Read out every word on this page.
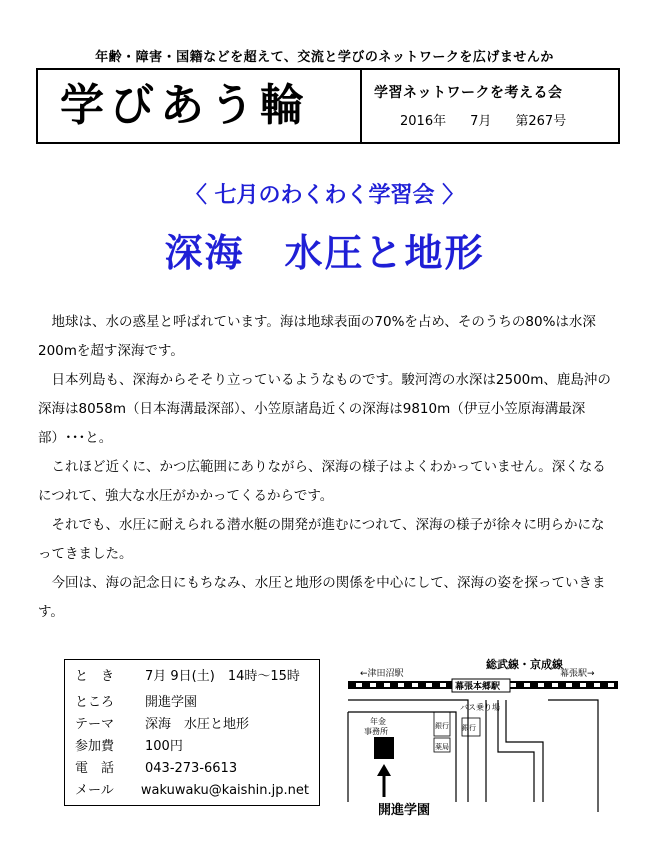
年齢・障害・国籍などを超えて、交流と学びのネットワークを広げませんか
学びあう輪	学習ネットワークを考える会
2016年 7月 第267号
〈 七月のわくわく学習会 〉
深海　水圧と地形

地球は、水の惑星と呼ばれています。海は地球表面の70%を占め、そのうちの80%は水深200mを超す深海です。

日本列島も、深海からそそり立っているようなものです。駿河湾の水深は2500m、鹿島沖の深海は8058m（日本海溝最深部）、小笠原諸島近くの深海は9810m（伊豆小笠原海溝最深部）･･･と。

これほど近くに、かつ広範囲にありながら、深海の様子はよくわかっていません。深くなるにつれて、強大な水圧がかかってくるからです。

それでも、水圧に耐えられる潜水艇の開発が進むにつれて、深海の様子が徐々に明らかになってきました。

今回は、海の記念日にもちなみ、水圧と地形の関係を中心にして、深海の姿を探っていきます。

と　き	7月 9日(土)　14時～15時
ところ	開進学園
テーマ	深海　水圧と地形
参加費	100円
電　話	043-273-6613
メール	wakuwaku@kaishin.jp.net
総武線・京成線
←津田沼駅	幕張駅→
幕張本郷駅
年金
事務所
銀行 銀行
バス乗り場
薬局
開進学園
